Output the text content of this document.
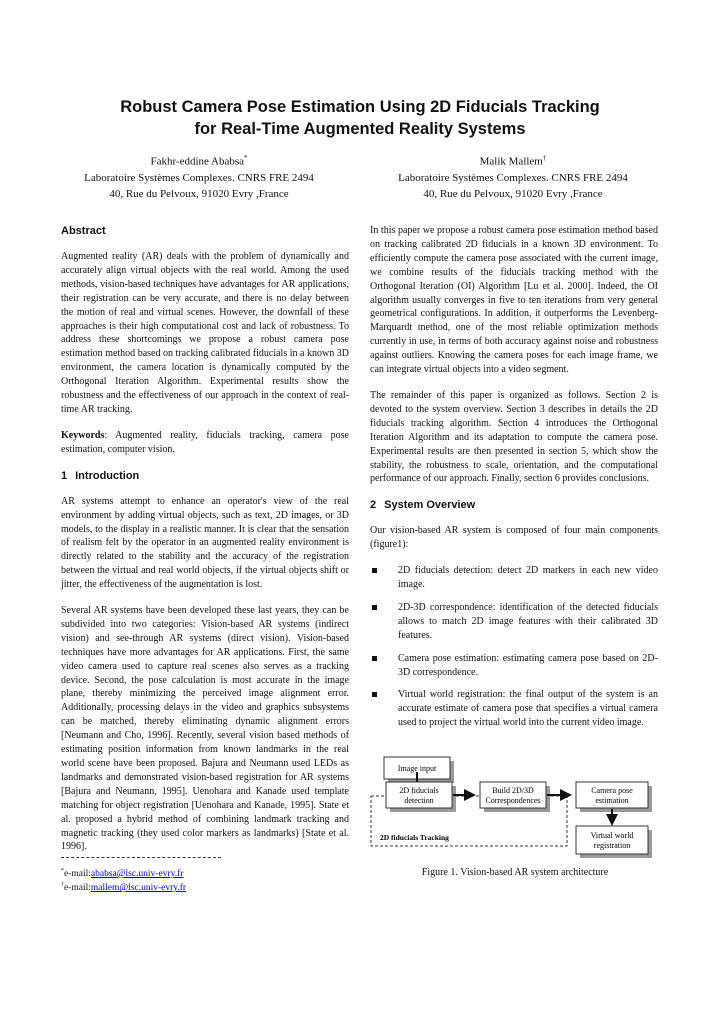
Robust Camera Pose Estimation Using 2D Fiducials Tracking
for Real-Time Augmented Reality Systems
Fakhr-eddine Ababsa*
Laboratoire Systèmes Complexes. CNRS FRE 2494
40, Rue du Pelvoux, 91020 Evry ,France
Malik Mallem†
Laboratoire Systèmes Complexes. CNRS FRE 2494
40, Rue du Pelvoux, 91020 Evry ,France
Abstract

Augmented reality (AR) deals with the problem of dynamically and accurately align virtual objects with the real world. Among the used methods, vision-based techniques have advantages for AR applications, their registration can be very accurate, and there is no delay between the motion of real and virtual scenes. However, the downfall of these approaches is their high computational cost and lack of robustness. To address these shortcomings we propose a robust camera pose estimation method based on tracking calibrated fiducials in a known 3D environment, the camera location is dynamically computed by the Orthogonal Iteration Algorithm. Experimental results show the robustness and the effectiveness of our approach in the context of real-time AR tracking.

Keywords: Augmented reality, fiducials tracking, camera pose estimation, computer vision.

1 Introduction

AR systems attempt to enhance an operator's view of the real environment by adding virtual objects, such as text, 2D images, or 3D models, to the display in a realistic manner. It is clear that the sensation of realism felt by the operator in an augmented reality environment is directly related to the stability and the accuracy of the registration between the virtual and real world objects, if the virtual objects shift or jitter, the effectiveness of the augmentation is lost.

Several AR systems have been developed these last years, they can be subdivided into two categories: Vision-based AR systems (indirect vision) and see-through AR systems (direct vision). Vision-based techniques have more advantages for AR applications. First, the same video camera used to capture real scenes also serves as a tracking device. Second, the pose calculation is most accurate in the image plane, thereby minimizing the perceived image alignment error. Additionally, processing delays in the video and graphics subsystems can be matched, thereby eliminating dynamic alignment errors [Neumann and Cho, 1996]. Recently, several vision based methods of estimating position information from known landmarks in the real world scene have been proposed. Bajura and Neumann used LEDs as landmarks and demonstrated vision-based registration for AR systems [Bajura and Neumann, 1995]. Uenohara and Kanade used template matching for object registration [Uenohara and Kanade, 1995]. State et al. proposed a hybrid method of combining landmark tracking and magnetic tracking (they used color markers as landmarks) [State et al. 1996].

*e-mail:ababsa@lsc.univ-evry.fr
†e-mail:mallem@lsc.univ-evry.fr

In this paper we propose a robust camera pose estimation method based on tracking calibrated 2D fiducials in a known 3D environment. To efficiently compute the camera pose associated with the current image, we combine results of the fiducials tracking method with the Orthogonal Iteration (OI) Algorithm [Lu et al. 2000]. Indeed, the OI algorithm usually converges in five to ten iterations from very general geometrical configurations. In addition, it outperforms the Levenberg-Marquardt method, one of the most reliable optimization methods currently in use, in terms of both accuracy against noise and robustness against outliers. Knowing the camera poses for each image frame, we can integrate virtual objects into a video segment.

The remainder of this paper is organized as follows. Section 2 is devoted to the system overview. Section 3 describes in details the 2D fiducials tracking algorithm. Section 4 introduces the Orthogonal Iteration Algorithm and its adaptation to compute the camera pose. Experimental results are then presented in section 5, which show the stability, the robustness to scale, orientation, and the computational performance of our approach. Finally, section 6 provides conclusions.

2 System Overview

Our vision-based AR system is composed of four main components (figure1):

2D fiducials detection: detect 2D markers in each new video image.
2D-3D correspondence: identification of the detected fiducials allows to match 2D image features with their calibrated 3D features.
Camera pose estimation: estimating camera pose based on 2D-3D correspondence.
Virtual world registration: the final output of the system is an accurate estimate of camera pose that specifies a virtual camera used to project the virtual world into the current video image.
Image input
2D fiducials Tracking
2D fiducials
detection
Build 2D/3D
Correspondences
Camera pose
estimation
Virtual world
registration
Figure 1. Vision-based AR system architecture
